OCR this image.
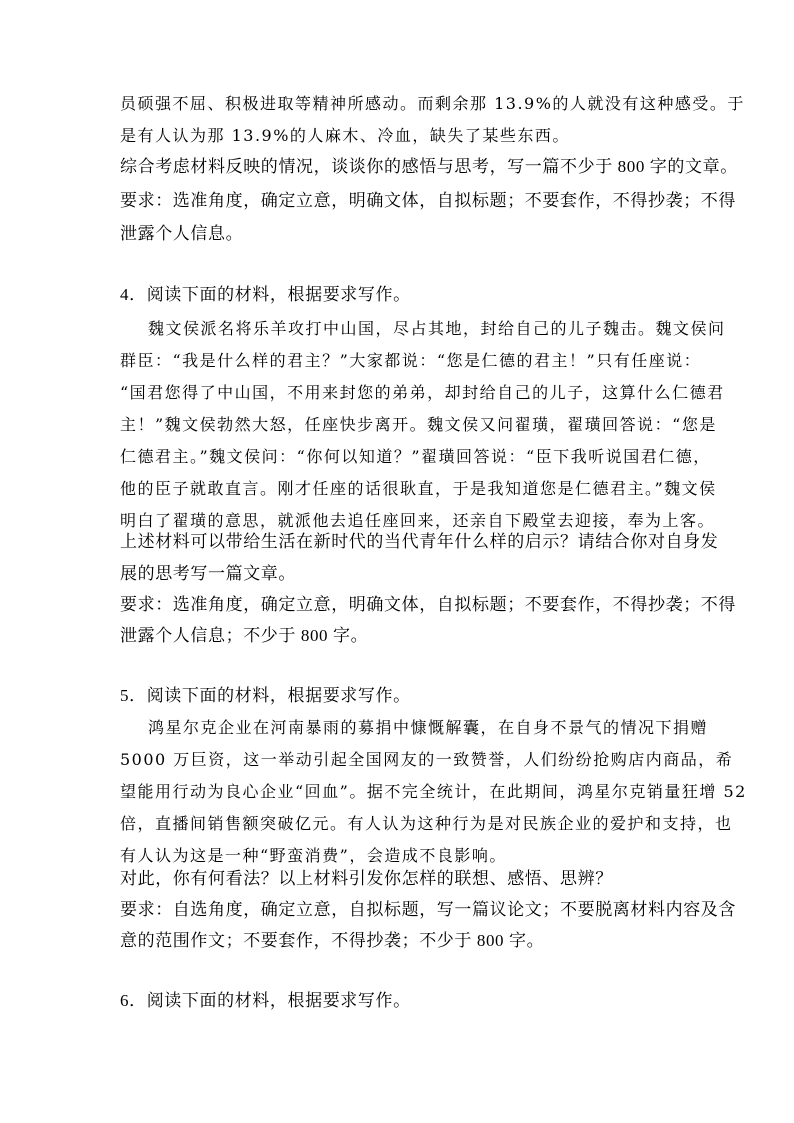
员硕强不屈、积极进取等精神所感动。而剩余那 13.9%的人就没有这种感受。于
是有人认为那 13.9%的人麻木、冷血，缺失了某些东西。
综合考虑材料反映的情况，谈谈你的感悟与思考，写一篇不少于 800 字的文章。
要求：选准角度，确定立意，明确文体，自拟标题；不要套作，不得抄袭；不得
泄露个人信息。
4．阅读下面的材料，根据要求写作。
魏文侯派名将乐羊攻打中山国，尽占其地，封给自己的儿子魏击。魏文侯问
群臣：“我是什么样的君主？”大家都说：“您是仁德的君主！”只有任座说：
“国君您得了中山国，不用来封您的弟弟，却封给自己的儿子，这算什么仁德君
主！”魏文侯勃然大怒，任座快步离开。魏文侯又问翟璜，翟璜回答说：“您是
仁德君主。”魏文侯问：“你何以知道？”翟璜回答说：“臣下我听说国君仁德，
他的臣子就敢直言。刚才任座的话很耿直，于是我知道您是仁德君主。”魏文侯
明白了翟璜的意思，就派他去追任座回来，还亲自下殿堂去迎接，奉为上客。
上述材料可以带给生活在新时代的当代青年什么样的启示？请结合你对自身发
展的思考写一篇文章。
要求：选准角度，确定立意，明确文体，自拟标题；不要套作，不得抄袭；不得
泄露个人信息；不少于 800 字。
5．阅读下面的材料，根据要求写作。
鸿星尔克企业在河南暴雨的募捐中慷慨解囊，在自身不景气的情况下捐赠
5000 万巨资，这一举动引起全国网友的一致赞誉，人们纷纷抢购店内商品，希
望能用行动为良心企业“回血”。据不完全统计，在此期间，鸿星尔克销量狂增 52
倍，直播间销售额突破亿元。有人认为这种行为是对民族企业的爱护和支持，也
有人认为这是一种“野蛮消费”，会造成不良影响。
对此，你有何看法？以上材料引发你怎样的联想、感悟、思辨？
要求：自选角度，确定立意，自拟标题，写一篇议论文；不要脱离材料内容及含
意的范围作文；不要套作，不得抄袭；不少于 800 字。
6．阅读下面的材料，根据要求写作。
